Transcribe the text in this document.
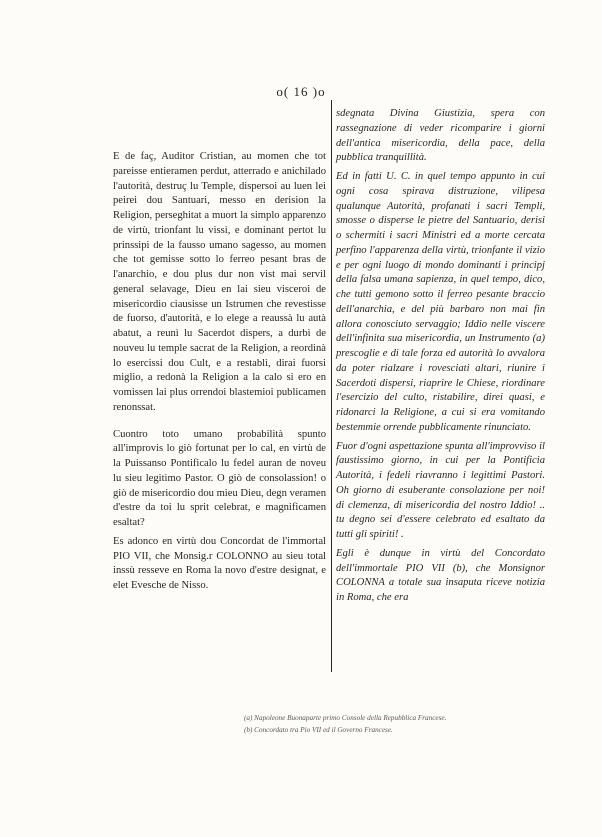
o( 16 )o

E de faç, Auditor Cristian, au momen che tot pareisse entieramen perdut, atterrado e anichilado l'autorità, destruç lu Temple, dispersoi au luen lei peirei dou Santuari, messo en derision la Religion, perseghitat a muort la simplo apparenzo de virtù, trionfant lu vissi, e dominant pertot lu prinssipi de la fausso umano sagesso, au momen che tot gemisse sotto lo ferreo pesant bras de l'anarchio, e dou plus dur non vist mai servil general selavage, Dieu en lai sieu visceroi de misericordio ciausisse un Istrumen che revestisse de fuorso, d'autorità, e lo elege a reaussà lu autà abatut, a reunì lu Sacerdot dispers, a durbì de nouveu lu temple sacrat de la Religion, a reordinà lo esercissi dou Cult, e a restablì, dirai fuorsi miglio, a redonà la Religion a la calo si ero en vomissen lai plus orrendoi blastemioi publicamen renonssat.

Cuontro toto umano probabilità spunto all'improvis lo giò fortunat per lo cal, en virtù de la Puissanso Pontificalo lu fedel auran de noveu lu sieu legitimo Pastor. O giò de consolassion! o giò de misericordio dou mieu Dieu, degn veramen d'estre da toi lu sprit celebrat, e magnificamen esaltat?

Es adonco en virtù dou Concordat de l'immortal PIO VII, che Monsig.r COLONNO au sieu total inssù resseve en Roma la novo d'estre designat, e elet Evesche de Nisso.

sdegnata Divina Giustizia, spera con rassegnazione di veder ricomparire i giorni dell'antica misericordia, della pace, della pubblica tranquillità.

Ed in fatti U. C. in quel tempo appunto in cui ogni cosa spirava distruzione, vilipesa qualunque Autorità, profanati i sacri Templi, smosse o disperse le pietre del Santuario, derisi o schermiti i sacri Ministri ed a morte cercata perfino l'apparenza della virtù, trionfante il vizio e per ogni luogo di mondo dominanti i principj della falsa umana sapienza, in quel tempo, dico, che tutti gemono sotto il ferreo pesante braccio dell'anarchia, e del più barbaro non mai fin allora conosciuto servaggio; Iddio nelle viscere dell'infinita sua misericordia, un Instrumento (a) prescoglie e di tale forza ed autorità lo avvalora da poter rialzare i rovesciati altari, riunire i Sacerdoti dispersi, riaprire le Chiese, riordinare l'esercizio del culto, ristabilire, direi quasi, e ridonarci la Religione, a cui si era vomitando bestemmie orrende pubblicamente rinunciato.

Fuor d'ogni aspettazione spunta all'improvviso il faustissimo giorno, in cui per la Pontificia Autorità, i fedeli riavranno i legittimi Pastori. Oh giorno di esuberante consolazione per noi! di clemenza, di misericordia del nostro Iddio! .. tu degno sei d'essere celebrato ed esaltato da tutti gli spiriti! .

Egli è dunque in virtù del Concordato dell'immortale PIO VII (b), che Monsignor COLONNA a totale sua insaputa riceve notizia in Roma, che era

(a) Napoleone Buonaparte primo Console della Repubblica Francese.
(b) Concordato tra Pio VII ed il Governo Francese.
